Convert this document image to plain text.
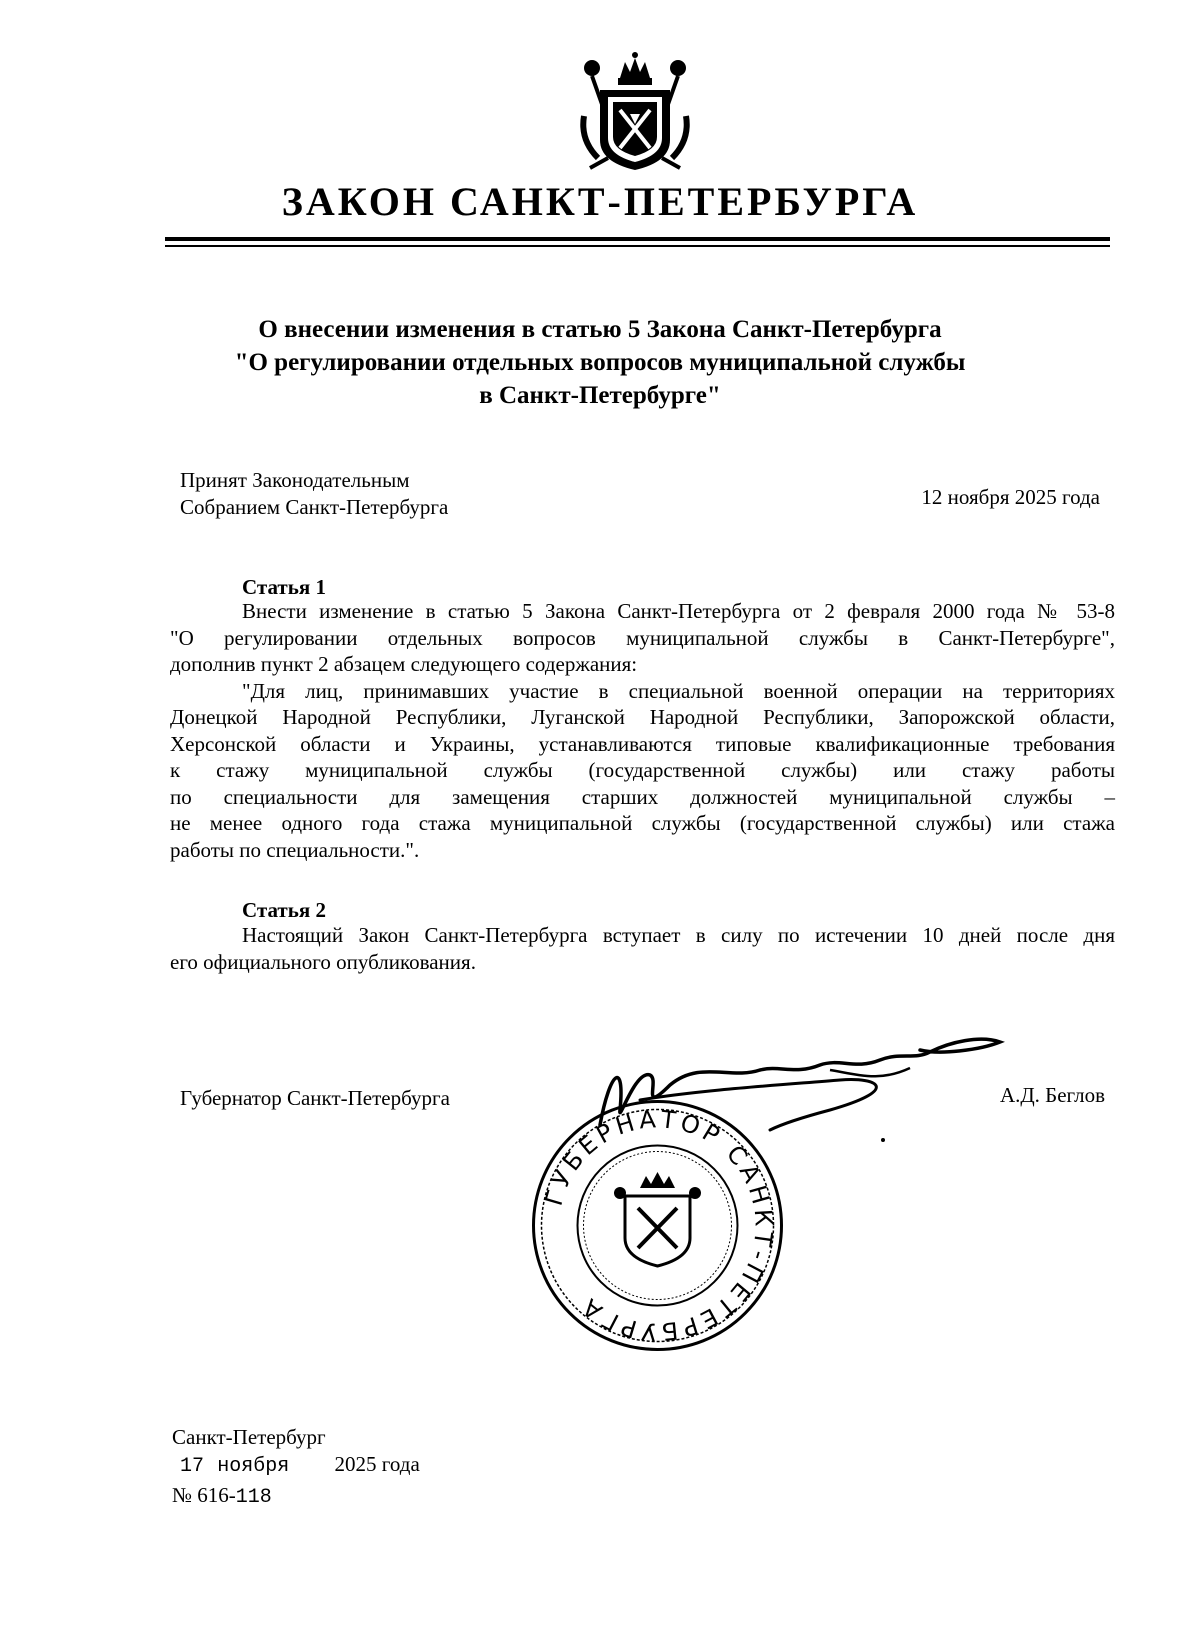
ЗАКОН САНКТ-ПЕТЕРБУРГА
О внесении изменения в статью 5 Закона Санкт-Петербурга
"О регулировании отдельных вопросов муниципальной службы
в Санкт-Петербурге"
Принят Законодательным
Собранием Санкт-Петербурга	12 ноября 2025 года
Статья 1
Внести изменение в статью 5 Закона Санкт-Петербурга от 2 февраля 2000 года № 53-8
"О регулировании отдельных вопросов муниципальной службы в Санкт-Петербурге",
дополнив пункт 2 абзацем следующего содержания:
"Для лиц, принимавших участие в специальной военной операции на территориях
Донецкой Народной Республики, Луганской Народной Республики, Запорожской области,
Херсонской области и Украины, устанавливаются типовые квалификационные требования
к стажу муниципальной службы (государственной службы) или стажу работы
по специальности для замещения старших должностей муниципальной службы –
не менее одного года стажа муниципальной службы (государственной службы) или стажа
работы по специальности.".
Статья 2
Настоящий Закон Санкт-Петербурга вступает в силу по истечении 10 дней после дня
его официального опубликования.
Губернатор Санкт-Петербурга	А.Д. Беглов
ГУБЕРНАТОР САНКТ-ПЕТЕРБУРГА
Санкт-Петербург
17 ноября 2025 года
№ 616-118
